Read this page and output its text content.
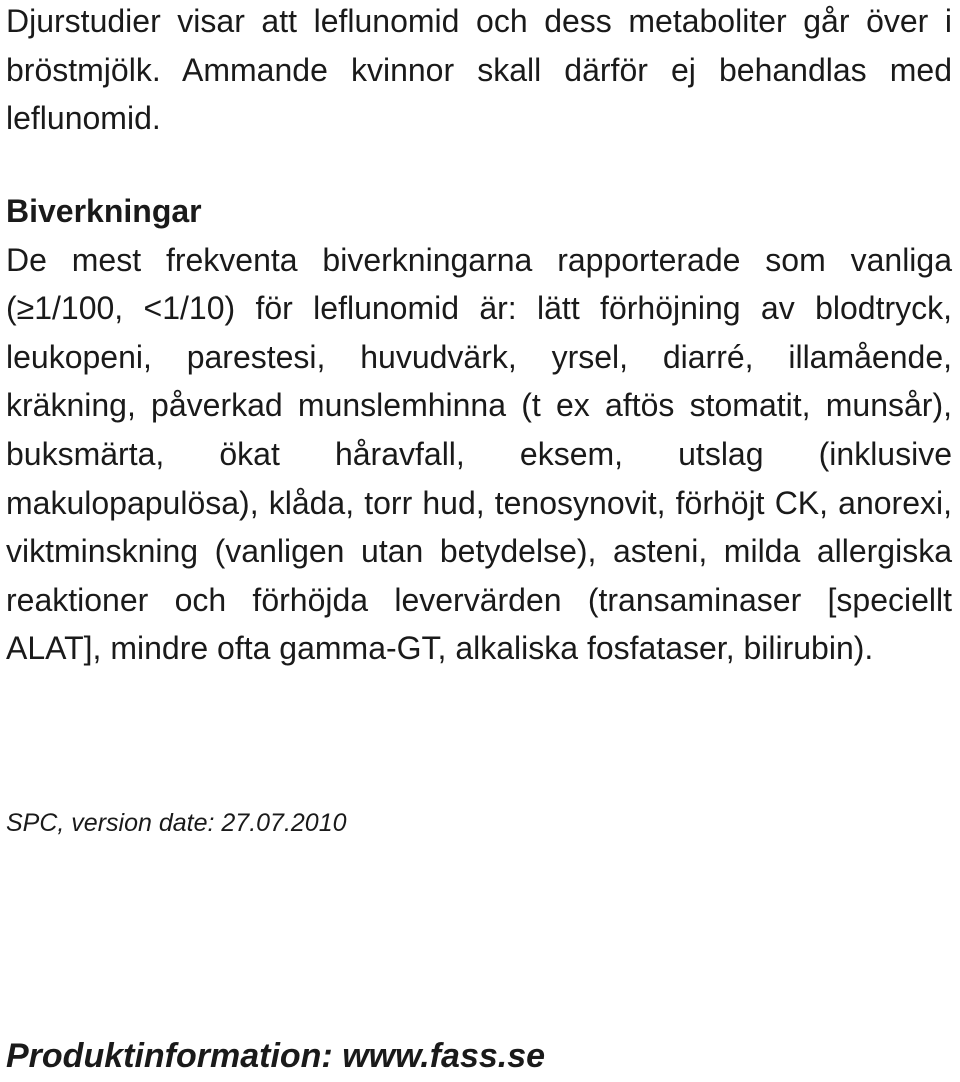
Djurstudier visar att leflunomid och dess metaboliter går över i bröstmjölk. Ammande kvinnor skall därför ej behandlas med leflunomid.

Biverkningar

De mest frekventa biverkningarna rapporterade som vanliga (≥1/100, <1/10) för leflunomid är: lätt förhöjning av blodtryck, leukopeni, parestesi, huvudvärk, yrsel, diarré, illamående, kräkning, påverkad munslemhinna (t ex aftös stomatit, munsår), buksmärta, ökat håravfall, eksem, utslag (inklusive makulopapulösa), klåda, torr hud, tenosynovit, förhöjt CK, anorexi, viktminskning (vanligen utan betydelse), asteni, milda allergiska reaktioner och förhöjda levervärden (transaminaser [speciellt ALAT], mindre ofta gamma-GT, alkaliska fosfataser, bilirubin).

SPC, version date: 27.07.2010

Produktinformation: www.fass.se
